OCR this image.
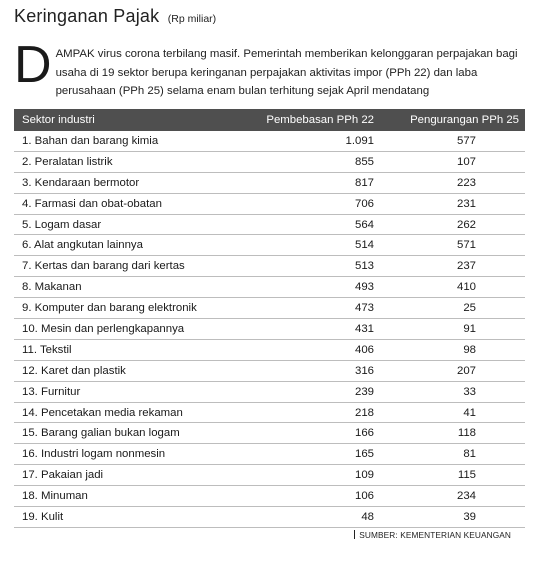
Keringanan Pajak (Rp miliar)
D AMPAK virus corona terbilang masif. Pemerintah memberikan kelonggaran perpajakan bagi usaha di 19 sektor berupa keringanan perpajakan aktivitas impor (PPh 22) dan laba perusahaan (PPh 25) selama enam bulan terhitung sejak April mendatang
Sektor industri	Pembebasan PPh 22	Pengurangan PPh 25
1. Bahan dan barang kimia	1.091	577
2. Peralatan listrik	855	107
3. Kendaraan bermotor	817	223
4. Farmasi dan obat-obatan	706	231
5. Logam dasar	564	262
6. Alat angkutan lainnya	514	571
7. Kertas dan barang dari kertas	513	237
8. Makanan	493	410
9. Komputer dan barang elektronik	473	25
10. Mesin dan perlengkapannya	431	91
11. Tekstil	406	98
12. Karet dan plastik	316	207
13. Furnitur	239	33
14. Pencetakan media rekaman	218	41
15. Barang galian bukan logam	166	118
16. Industri logam nonmesin	165	81
17. Pakaian jadi	109	115
18. Minuman	106	234
19. Kulit	48	39
SUMBER: KEMENTERIAN KEUANGAN
